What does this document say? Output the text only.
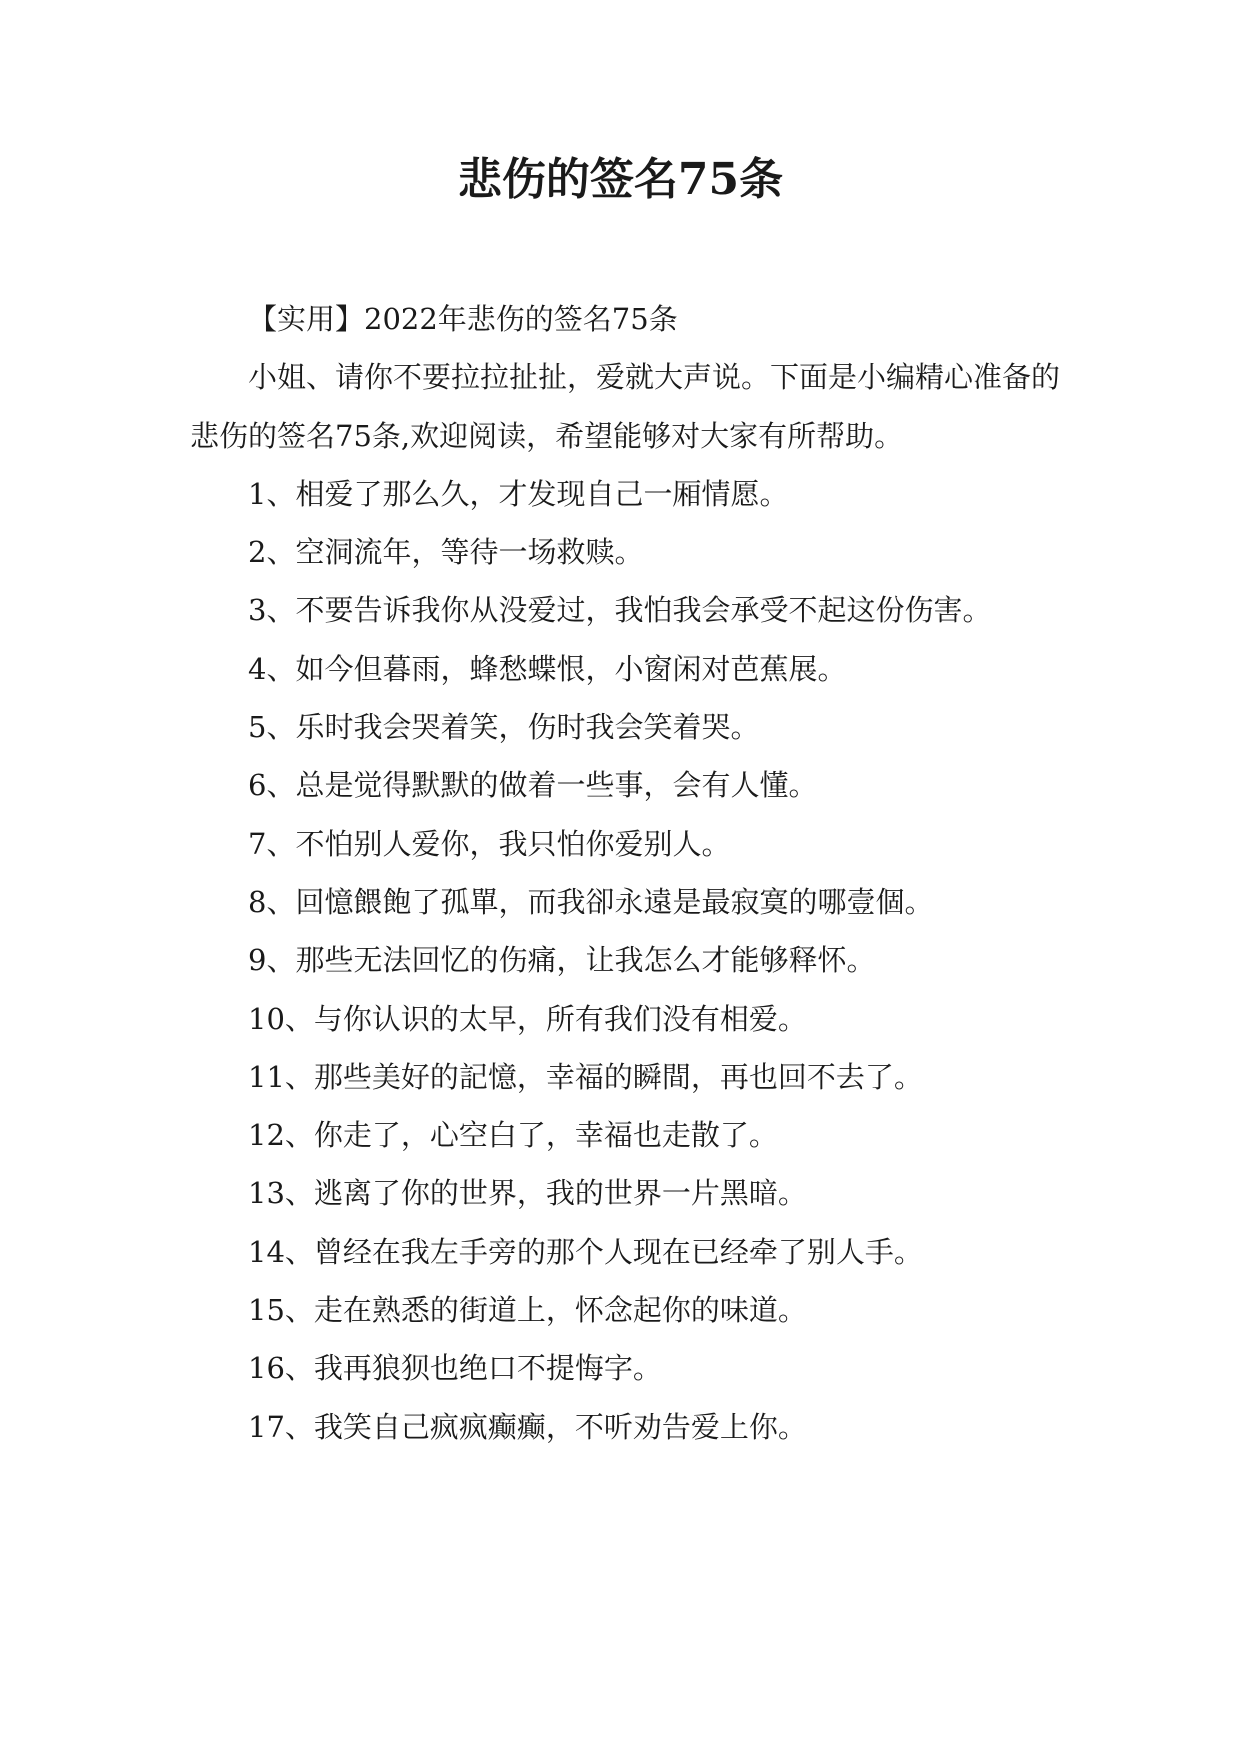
悲伤的签名75条

【实用】2022年悲伤的签名75条

小姐、请你不要拉拉扯扯，爱就大声说。下面是小编精心准备的悲伤的签名75条,欢迎阅读，希望能够对大家有所帮助。

1、相爱了那么久，才发现自己一厢情愿。

2、空洞流年，等待一场救赎。

3、不要告诉我你从没爱过，我怕我会承受不起这份伤害。

4、如今但暮雨，蜂愁蝶恨，小窗闲对芭蕉展。

5、乐时我会哭着笑，伤时我会笑着哭。

6、总是觉得默默的做着一些事，会有人懂。

7、不怕别人爱你，我只怕你爱别人。

8、回憶餵飽了孤單，而我卻永遠是最寂寞的哪壹個。

9、那些无法回忆的伤痛，让我怎么才能够释怀。

10、与你认识的太早，所有我们没有相爱。

11、那些美好的記憶，幸福的瞬間，再也回不去了。

12、你走了，心空白了，幸福也走散了。

13、逃离了你的世界，我的世界一片黑暗。

14、曾经在我左手旁的那个人现在已经牵了别人手。

15、走在熟悉的街道上，怀念起你的味道。

16、我再狼狈也绝口不提悔字。

17、我笑自己疯疯癫癫，不听劝告爱上你。
